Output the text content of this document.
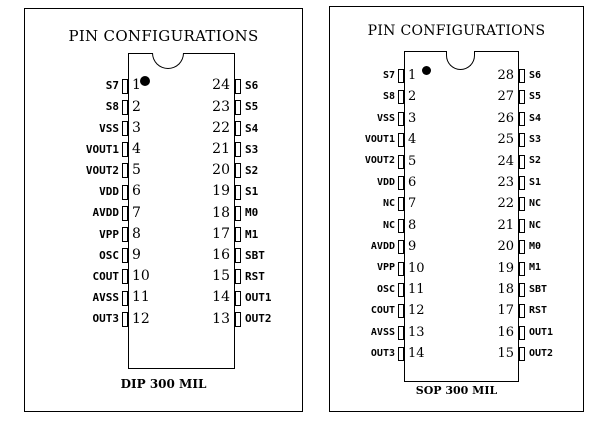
PIN CONFIGURATIONS
DIP 300 MIL
S7 1
S8 2
VSS 3
VOUT1 4
VOUT2 5
VDD 6
AVDD 7
VPP 8
OSC 9
COUT 10
AVSS 11
OUT3 12
S6
24
S5
23
S4
22
S3
21
S2
20
S1
19
M0
18
M1
17
SBT
16
RST
15
OUT1
14
OUT2
13
PIN CONFIGURATIONS
SOP 300 MIL
S7 1
S8 2
VSS 3
VOUT1 4
VOUT2 5
VDD 6
NC 7
NC 8
AVDD 9
VPP 10
OSC 11
COUT 12
AVSS 13
OUT3 14
S6
28
S5
27
S4
26
S3
25
S2
24
S1
23
NC
22
NC
21
M0
20
M1
19
SBT
18
RST
17
OUT1
16
OUT2
15
